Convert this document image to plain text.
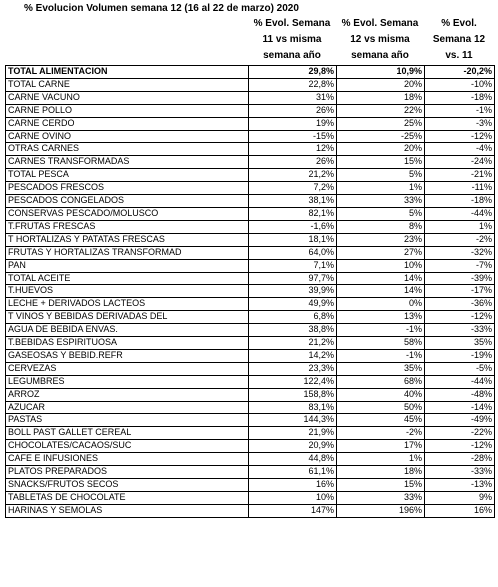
% Evolucion Volumen semana 12 (16 al 22 de marzo) 2020
% Evol. Semana
11 vs misma
semana año
% Evol. Semana
12 vs misma
semana año
% Evol.
Semana 12
vs. 11
TOTAL ALIMENTACION	29,8%	10,9%	-20,2%
TOTAL CARNE	22,8%	20%	-10%
CARNE VACUNO	31%	18%	-18%
CARNE POLLO	26%	22%	-1%
CARNE CERDO	19%	25%	-3%
CARNE OVINO	-15%	-25%	-12%
OTRAS CARNES	12%	20%	-4%
CARNES TRANSFORMADAS	26%	15%	-24%
TOTAL PESCA	21,2%	5%	-21%
PESCADOS FRESCOS	7,2%	1%	-11%
PESCADOS CONGELADOS	38,1%	33%	-18%
CONSERVAS PESCADO/MOLUSCO	82,1%	5%	-44%
T.FRUTAS FRESCAS	-1,6%	8%	1%
T HORTALIZAS Y PATATAS FRESCAS	18,1%	23%	-2%
FRUTAS Y HORTALIZAS TRANSFORMAD	64,0%	27%	-32%
PAN	7,1%	10%	-7%
TOTAL ACEITE	97,7%	14%	-39%
T.HUEVOS	39,9%	14%	-17%
LECHE + DERIVADOS LACTEOS	49,9%	0%	-36%
T VINOS Y BEBIDAS DERIVADAS DEL	6,8%	13%	-12%
AGUA DE BEBIDA ENVAS.	38,8%	-1%	-33%
T.BEBIDAS ESPIRITUOSA	21,2%	58%	35%
GASEOSAS Y BEBID.REFR	14,2%	-1%	-19%
CERVEZAS	23,3%	35%	-5%
LEGUMBRES	122,4%	68%	-44%
ARROZ	158,8%	40%	-48%
AZUCAR	83,1%	50%	-14%
PASTAS	144,3%	45%	-49%
BOLL PAST GALLET CEREAL	21,9%	-2%	-22%
CHOCOLATES/CACAOS/SUC	20,9%	17%	-12%
CAFE E INFUSIONES	44,8%	1%	-28%
PLATOS PREPARADOS	61,1%	18%	-33%
SNACKS/FRUTOS SECOS	16%	15%	-13%
TABLETAS DE CHOCOLATE	10%	33%	9%
HARINAS Y SEMOLAS	147%	196%	16%
